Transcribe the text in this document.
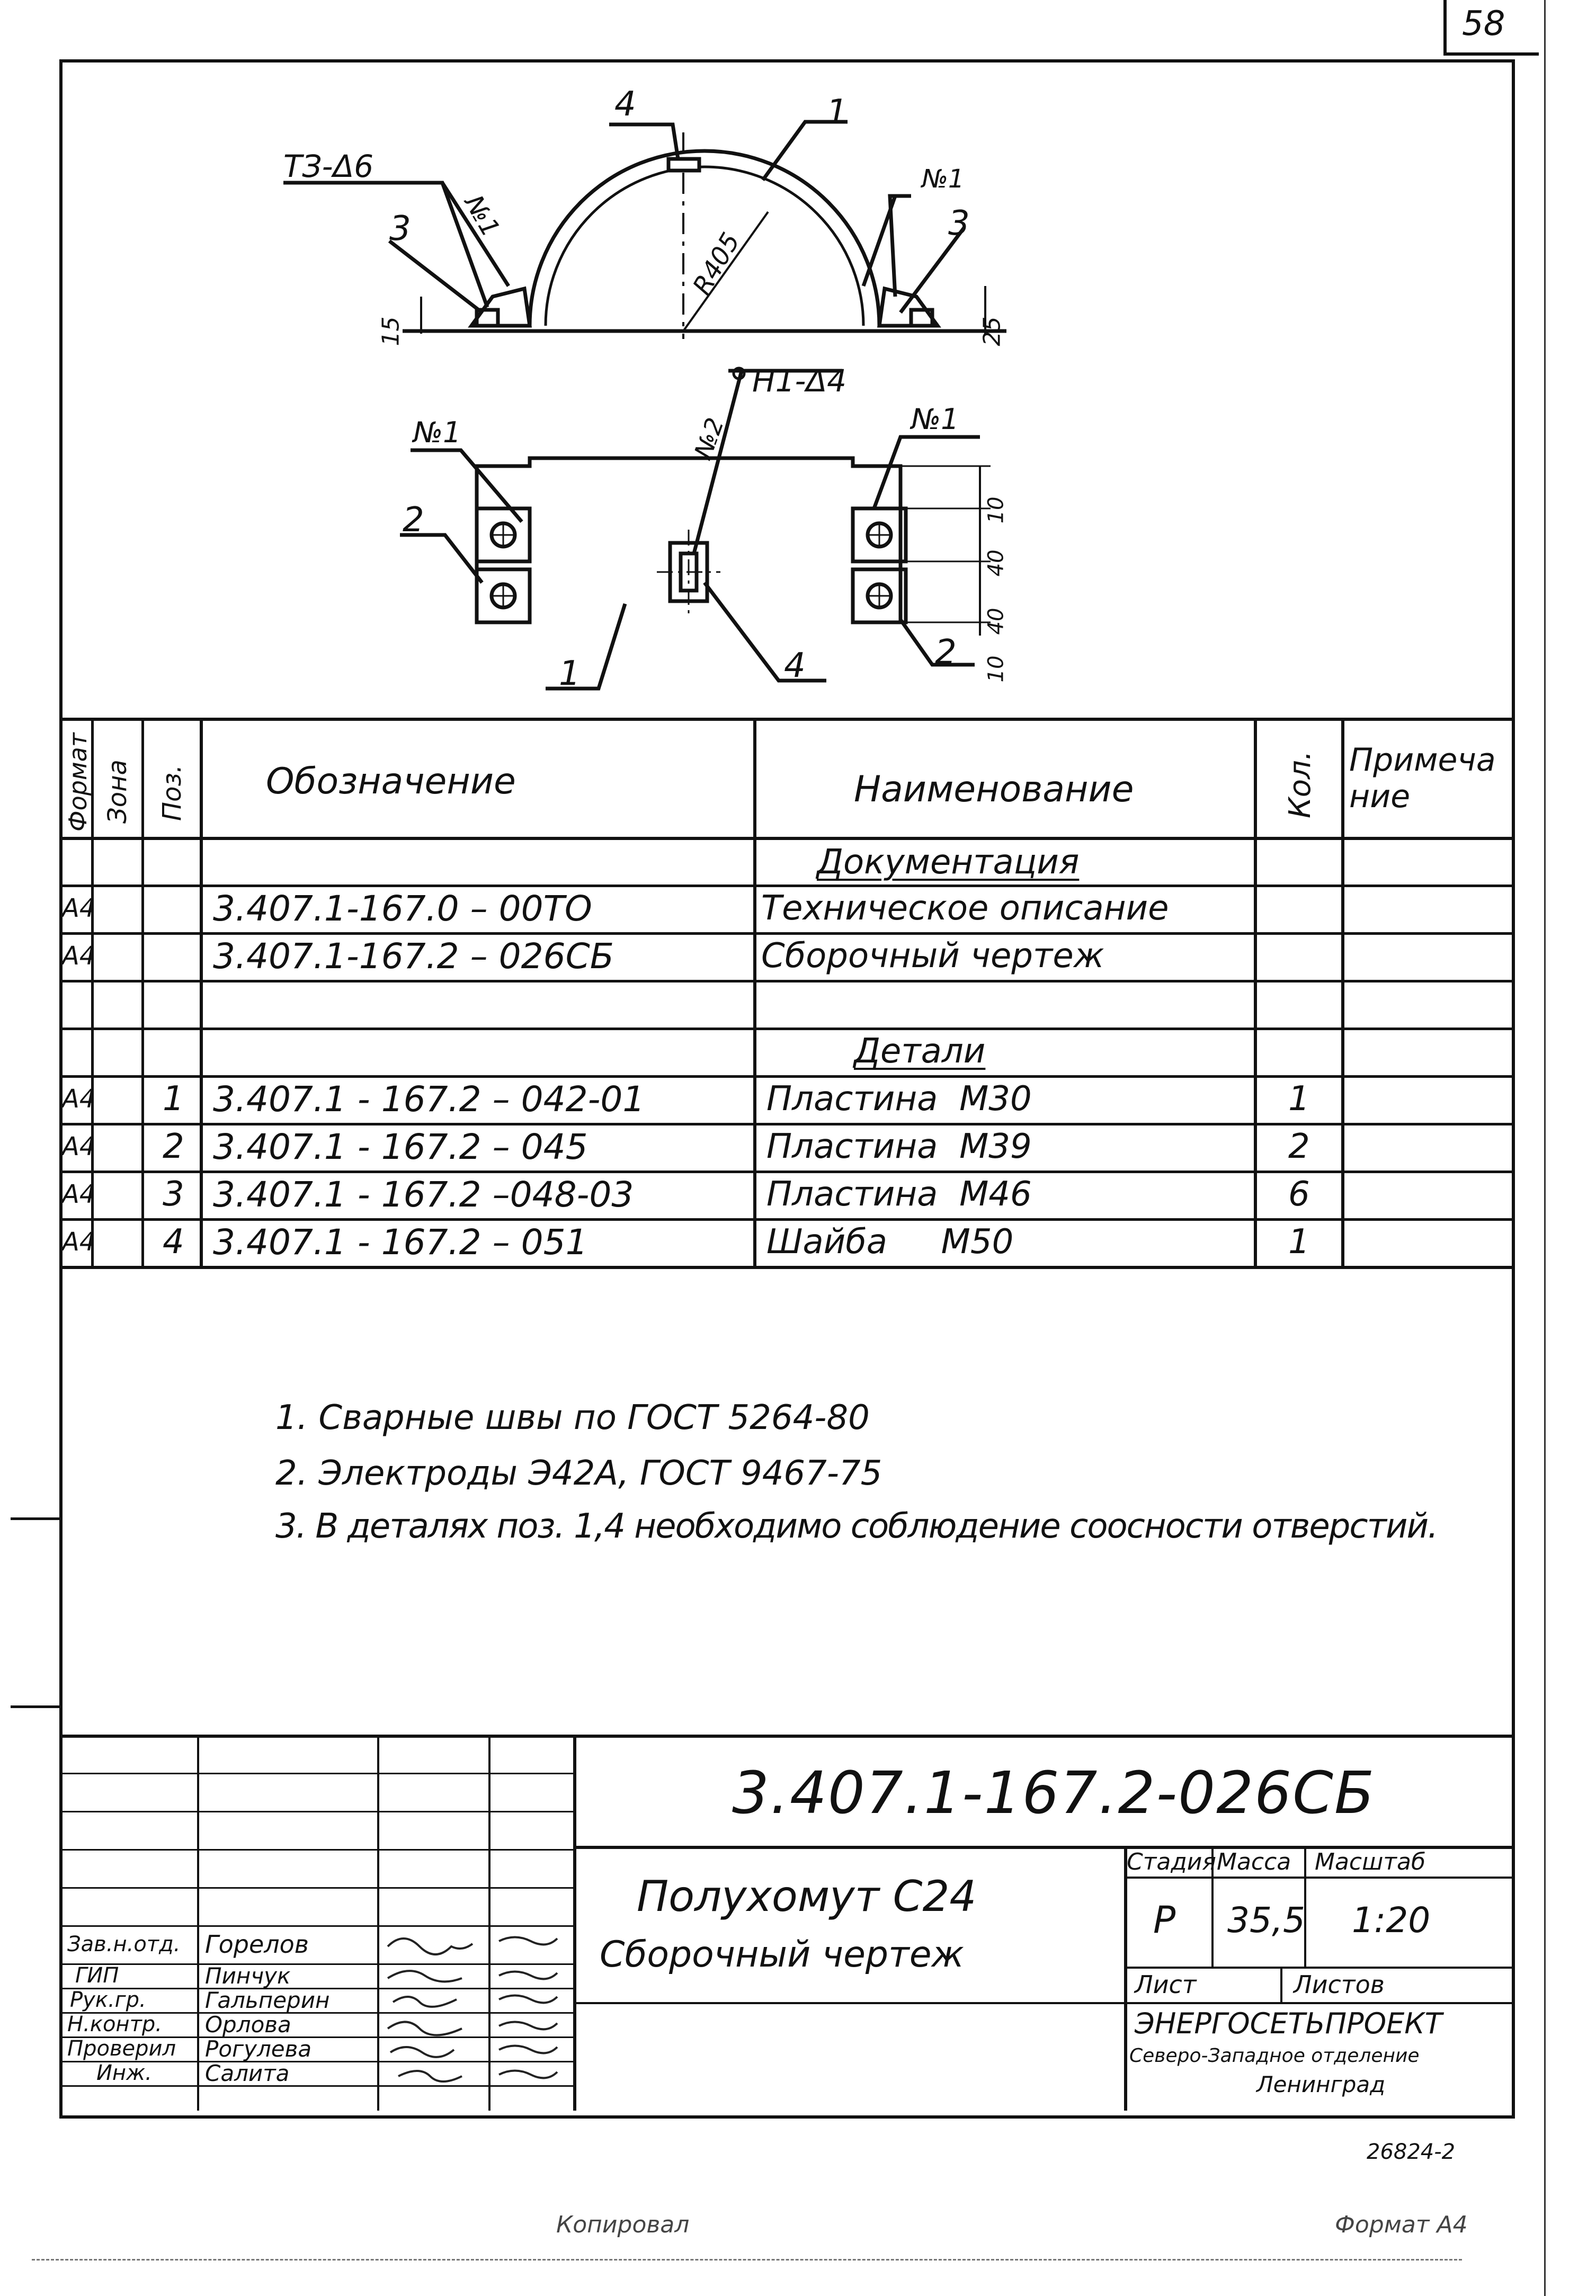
58
ТЗ-Δ6
4	1
№1
№1
3	3
R405
15	25
Н1-Δ4
№2
№1	№1
2
1	4	2
10
40
40
10
Формат Зона Поз. Обозначение	Наименование	Кол. Примечание
Документация
А4	3.407.1-167.0 – 00ТО	Техническое описание
А4	3.407.1-167.2 – 026СБ	Сборочный чертеж
Детали
А4 1 3.407.1 - 167.2 – 042-01	Пластина  М30	1
А4 2 3.407.1 - 167.2 – 045	Пластина  М39	2
А4 3 3.407.1 - 167.2 –048-03	Пластина  М46	6
А4 4 3.407.1 - 167.2 – 051	Шайба     М50	1
1. Сварные швы по ГОСТ 5264-80
2. Электроды Э42А, ГОСТ 9467-75
3. В деталях поз. 1,4 необходимо соблюдение соосности отверстий.
3.407.1-167.2-026СБ
Полухомут С24
Сборочный чертеж
Стадия Масса Масштаб
Р 35,5 1:20
Лист	Листов
ЭНЕРГОСЕТЬПРОЕКТ
Северо-Западное отделение
Ленинград
Зав.н.отд. Горелов
ГИП	Пинчук
Рук.гр.	Гальперин
Н.контр. Орлова
Проверил Рогулева
Инж. Салита
26824-2
Копировал	Формат А4
